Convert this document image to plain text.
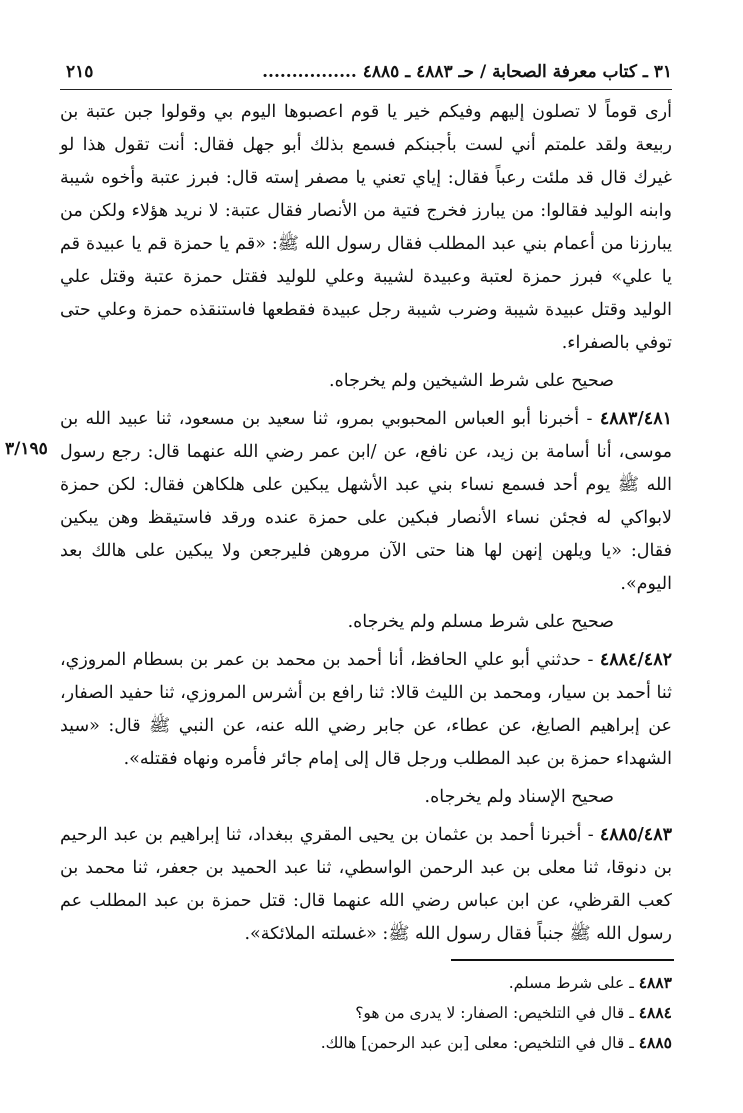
٣١ ـ كتاب معرفة الصحابة / حـ ٤٨٨٣ ـ ٤٨٨٥ ................
٢١٥

أرى قوماً لا تصلون إليهم وفيكم خير يا قوم اعصبوها اليوم بي وقولوا جبن عتبة بن ربيعة ولقد علمتم أني لست بأجبنكم فسمع بذلك أبو جهل فقال: أنت تقول هذا لو غيرك قال قد ملئت رعباً فقال: إياي تعني يا مصفر إسته قال: فبرز عتبة وأخوه شيبة وابنه الوليد فقالوا: من يبارز فخرج فتية من الأنصار فقال عتبة: لا نريد هؤلاء ولكن من يبارزنا من أعمام بني عبد المطلب فقال رسول الله ﷺ: «قم يا حمزة قم يا عبيدة قم يا علي» فبرز حمزة لعتبة وعبيدة لشيبة وعلي للوليد فقتل حمزة عتبة وقتل علي الوليد وقتل عبيدة شيبة وضرب شيبة رجل عبيدة فقطعها فاستنقذه حمزة وعلي حتى توفي بالصفراء.

صحيح على شرط الشيخين ولم يخرجاه.

٤٨٨٣/٤٨١ - أخبرنا أبو العباس المحبوبي بمرو، ثنا سعيد بن مسعود، ثنا عبيد الله بن موسى، أنا أسامة بن زيد، عن نافع، عن /ابن عمر رضي الله عنهما قال: رجع رسول الله ﷺ يوم أحد فسمع نساء بني عبد الأشهل يبكين على هلكاهن فقال: لكن حمزة لابواكي له فجئن نساء الأنصار فبكين على حمزة عنده ورقد فاستيقظ وهن يبكين فقال: «يا ويلهن إنهن لها هنا حتى الآن مروهن فليرجعن ولا يبكين على هالك بعد اليوم».

صحيح على شرط مسلم ولم يخرجاه.

٤٨٨٤/٤٨٢ - حدثني أبو علي الحافظ، أنا أحمد بن محمد بن عمر بن بسطام المروزي، ثنا أحمد بن سيار، ومحمد بن الليث قالا: ثنا رافع بن أشرس المروزي، ثنا حفيد الصفار، عن إبراهيم الصايغ، عن عطاء، عن جابر رضي الله عنه، عن النبي ﷺ قال: «سيد الشهداء حمزة بن عبد المطلب ورجل قال إلى إمام جائر فأمره ونهاه فقتله».

صحيح الإسناد ولم يخرجاه.

٤٨٨٥/٤٨٣ - أخبرنا أحمد بن عثمان بن يحيى المقري ببغداد، ثنا إبراهيم بن عبد الرحيم بن دنوقا، ثنا معلى بن عبد الرحمن الواسطي، ثنا عبد الحميد بن جعفر، ثنا محمد بن كعب القرظي، عن ابن عباس رضي الله عنهما قال: قتل حمزة بن عبد المطلب عم رسول الله ﷺ جنباً فقال رسول الله ﷺ: «غسلته الملائكة».

٣/١٩٥

٤٨٨٣ ـ على شرط مسلم.

٤٨٨٤ ـ قال في التلخيص: الصفار: لا يدرى من هو؟

٤٨٨٥ ـ قال في التلخيص: معلى [بن عبد الرحمن] هالك.
